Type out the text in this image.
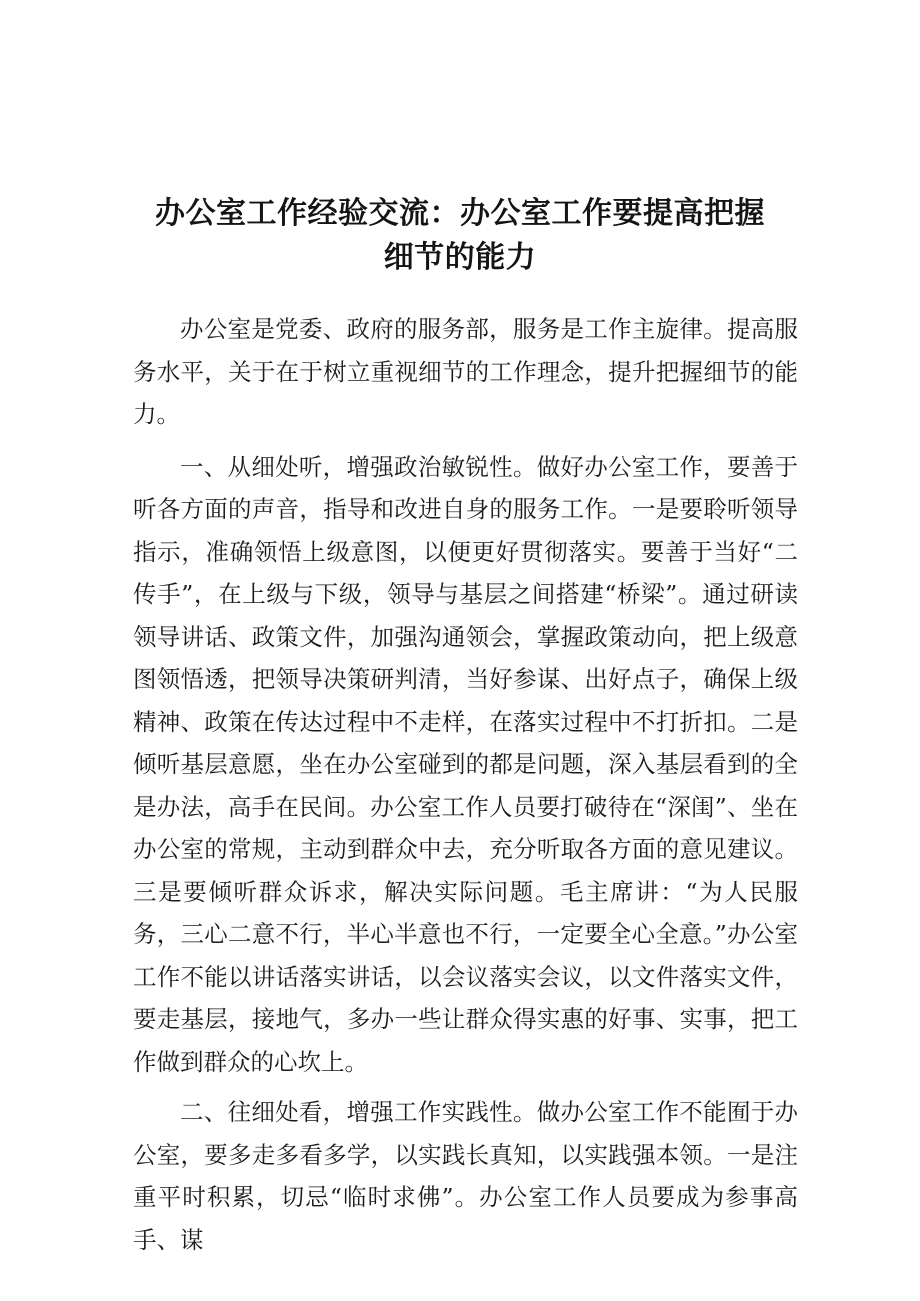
办公室工作经验交流：办公室工作要提高把握
细节的能力

办公室是党委、政府的服务部，服务是工作主旋律。提高服务水平，关于在于树立重视细节的工作理念，提升把握细节的能力。

一、从细处听，增强政治敏锐性。做好办公室工作，要善于听各方面的声音，指导和改进自身的服务工作。一是要聆听领导指示，准确领悟上级意图，以便更好贯彻落实。要善于当好“二传手”，在上级与下级，领导与基层之间搭建“桥梁”。通过研读领导讲话、政策文件，加强沟通领会，掌握政策动向，把上级意图领悟透，把领导决策研判清，当好参谋、出好点子，确保上级精神、政策在传达过程中不走样，在落实过程中不打折扣。二是倾听基层意愿，坐在办公室碰到的都是问题，深入基层看到的全是办法，高手在民间。办公室工作人员要打破待在“深闺”、坐在办公室的常规，主动到群众中去，充分听取各方面的意见建议。三是要倾听群众诉求，解决实际问题。毛主席讲：“为人民服务，三心二意不行，半心半意也不行，一定要全心全意。”办公室工作不能以讲话落实讲话，以会议落实会议，以文件落实文件，要走基层，接地气，多办一些让群众得实惠的好事、实事，把工作做到群众的心坎上。

二、往细处看，增强工作实践性。做办公室工作不能囿于办公室，要多走多看多学，以实践长真知，以实践强本领。一是注重平时积累，切忌“临时求佛”。办公室工作人员要成为参事高手、谋
